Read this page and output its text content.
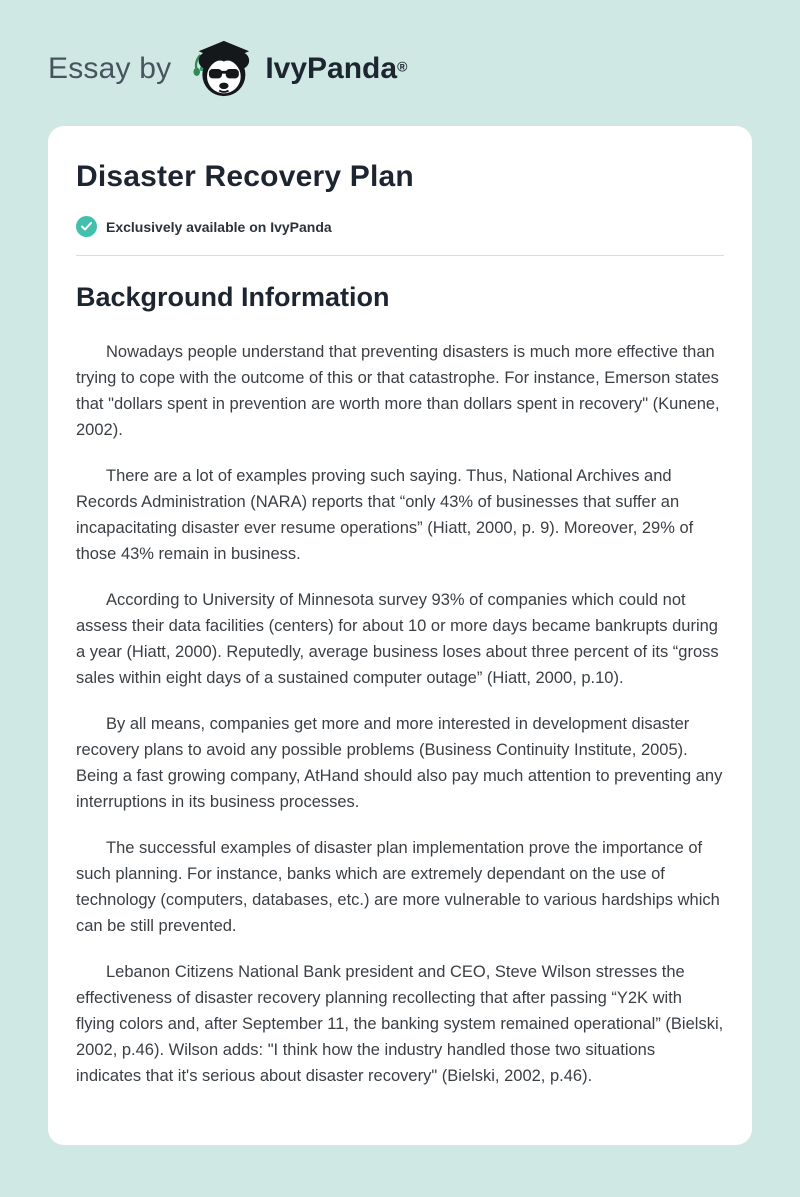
Essay by	IvyPanda®
Disaster Recovery Plan
Exclusively available on IvyPanda
Background Information

Nowadays people understand that preventing disasters is much more effective than trying to cope with the outcome of this or that catastrophe. For instance, Emerson states that "dollars spent in prevention are worth more than dollars spent in recovery" (Kunene, 2002).

There are a lot of examples proving such saying. Thus, National Archives and Records Administration (NARA) reports that “only 43% of businesses that suffer an incapacitating disaster ever resume operations” (Hiatt, 2000, p. 9). Moreover, 29% of those 43% remain in business.

According to University of Minnesota survey 93% of companies which could not assess their data facilities (centers) for about 10 or more days became bankrupts during a year (Hiatt, 2000). Reputedly, average business loses about three percent of its “gross sales within eight days of a sustained computer outage” (Hiatt, 2000, p.10).

By all means, companies get more and more interested in development disaster recovery plans to avoid any possible problems (Business Continuity Institute, 2005). Being a fast growing company, AtHand should also pay much attention to preventing any interruptions in its business processes.

The successful examples of disaster plan implementation prove the importance of such planning. For instance, banks which are extremely dependant on the use of technology (computers, databases, etc.) are more vulnerable to various hardships which can be still prevented.

Lebanon Citizens National Bank president and CEO, Steve Wilson stresses the effectiveness of disaster recovery planning recollecting that after passing “Y2K with flying colors and, after September 11, the banking system remained operational” (Bielski, 2002, p.46). Wilson adds: "I think how the industry handled those two situations indicates that it's serious about disaster recovery" (Bielski, 2002, p.46).
